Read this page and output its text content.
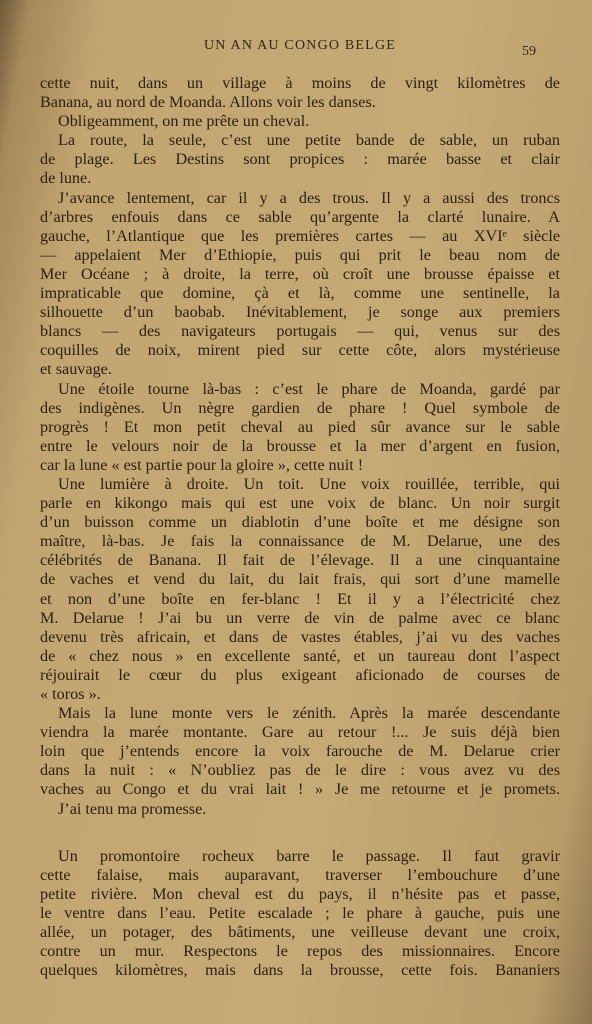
UN AN AU CONGO BELGE	59
cette nuit, dans un village à moins de vingt kilomètres de
Banana, au nord de Moanda. Allons voir les danses.
Obligeamment, on me prête un cheval.
La route, la seule, c’est une petite bande de sable, un ruban
de plage. Les Destins sont propices : marée basse et clair
de lune.
J’avance lentement, car il y a des trous. Il y a aussi des troncs
d’arbres enfouis dans ce sable qu’argente la clarté lunaire. A
gauche, l’Atlantique que les premières cartes — au XVIᵉ siècle
— appelaient Mer d’Ethiopie, puis qui prit le beau nom de
Mer Océane ; à droite, la terre, où croît une brousse épaisse et
impraticable que domine, çà et là, comme une sentinelle, la
silhouette d’un baobab. Inévitablement, je songe aux premiers
blancs — des navigateurs portugais — qui, venus sur des
coquilles de noix, mirent pied sur cette côte, alors mystérieuse
et sauvage.
Une étoile tourne là-bas : c’est le phare de Moanda, gardé par
des indigènes. Un nègre gardien de phare ! Quel symbole de
progrès ! Et mon petit cheval au pied sûr avance sur le sable
entre le velours noir de la brousse et la mer d’argent en fusion,
car la lune « est partie pour la gloire », cette nuit !
Une lumière à droite. Un toit. Une voix rouillée, terrible, qui
parle en kikongo mais qui est une voix de blanc. Un noir surgit
d’un buisson comme un diablotin d’une boîte et me désigne son
maître, là-bas. Je fais la connaissance de M. Delarue, une des
célébrités de Banana. Il fait de l’élevage. Il a une cinquantaine
de vaches et vend du lait, du lait frais, qui sort d’une mamelle
et non d’une boîte en fer-blanc ! Et il y a l’électricité chez
M. Delarue ! J’ai bu un verre de vin de palme avec ce blanc
devenu très africain, et dans de vastes étables, j’ai vu des vaches
de « chez nous » en excellente santé, et un taureau dont l’aspect
réjouirait le cœur du plus exigeant aficionado de courses de
« toros ».
Mais la lune monte vers le zénith. Après la marée descendante
viendra la marée montante. Gare au retour !... Je suis déjà bien
loin que j’entends encore la voix farouche de M. Delarue crier
dans la nuit : « N’oubliez pas de le dire : vous avez vu des
vaches au Congo et du vrai lait ! » Je me retourne et je promets.
J’ai tenu ma promesse.
Un promontoire rocheux barre le passage. Il faut gravir
cette falaise, mais auparavant, traverser l’embouchure d’une
petite rivière. Mon cheval est du pays, il n’hésite pas et passe,
le ventre dans l’eau. Petite escalade ; le phare à gauche, puis une
allée, un potager, des bâtiments, une veilleuse devant une croix,
contre un mur. Respectons le repos des missionnaires. Encore
quelques kilomètres, mais dans la brousse, cette fois. Bananiers
